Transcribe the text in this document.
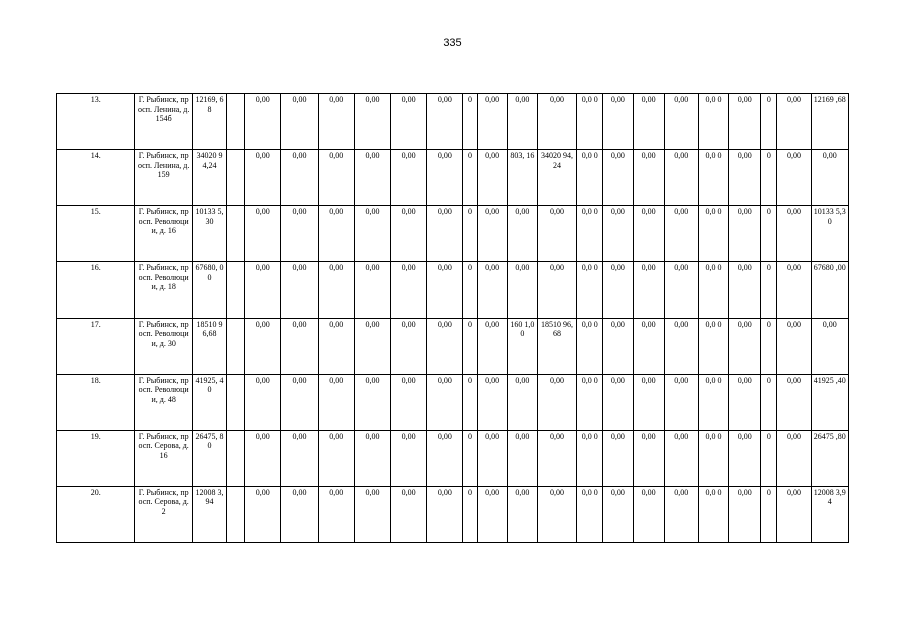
335
13.	Г. Рыбинск, просп. Ленина, д. 154б	12169, 68		0,00	0,00	0,00	0,00	0,00	0,00	0	0,00	0,00	0,00	0,0 0	0,00	0,00	0,00	0,0 0	0,00	0	0,00	12169 ,68
14.	Г. Рыбинск, просп. Ленина, д. 159	34020 94,24		0,00	0,00	0,00	0,00	0,00	0,00	0	0,00	803, 16	34020 94,24	0,0 0	0,00	0,00	0,00	0,0 0	0,00	0	0,00	0,00
15.	Г. Рыбинск, просп. Революци и, д. 16	10133 5,30		0,00	0,00	0,00	0,00	0,00	0,00	0	0,00	0,00	0,00	0,0 0	0,00	0,00	0,00	0,0 0	0,00	0	0,00	10133 5,30
16.	Г. Рыбинск, просп. Революци и, д. 18	67680, 00		0,00	0,00	0,00	0,00	0,00	0,00	0	0,00	0,00	0,00	0,0 0	0,00	0,00	0,00	0,0 0	0,00	0	0,00	67680 ,00
17.	Г. Рыбинск, просп. Революци и, д. 30	18510 96,68		0,00	0,00	0,00	0,00	0,00	0,00	0	0,00	160 1,00	18510 96,68	0,0 0	0,00	0,00	0,00	0,0 0	0,00	0	0,00	0,00
18.	Г. Рыбинск, просп. Революци и, д. 48	41925, 40		0,00	0,00	0,00	0,00	0,00	0,00	0	0,00	0,00	0,00	0,0 0	0,00	0,00	0,00	0,0 0	0,00	0	0,00	41925 ,40
19.	Г. Рыбинск, просп. Серова, д. 16	26475, 80		0,00	0,00	0,00	0,00	0,00	0,00	0	0,00	0,00	0,00	0,0 0	0,00	0,00	0,00	0,0 0	0,00	0	0,00	26475 ,80
20.	Г. Рыбинск, просп. Серова, д. 2	12008 3,94		0,00	0,00	0,00	0,00	0,00	0,00	0	0,00	0,00	0,00	0,0 0	0,00	0,00	0,00	0,0 0	0,00	0	0,00	12008 3,94
